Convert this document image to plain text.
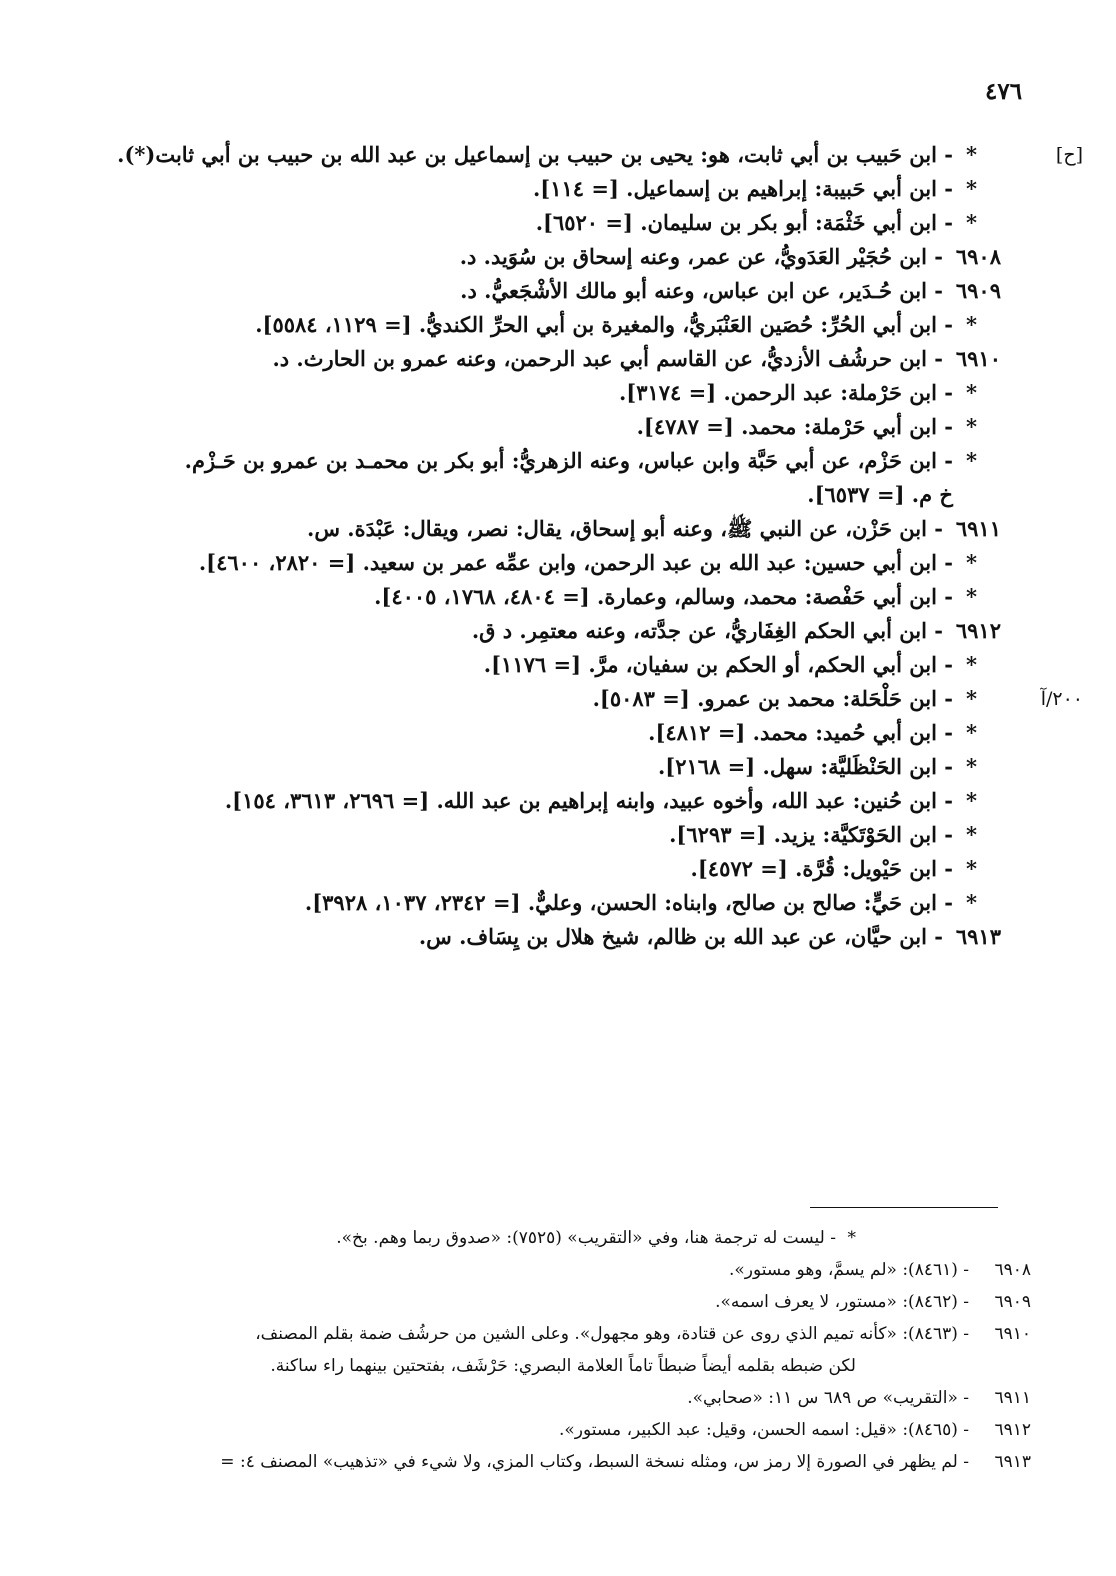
٤٧٦
*- ابن حَبيب بن أبي ثابت، هو: يحيى بن حبيب بن إسماعيل بن عبد الله بن حبيب بن أبي ثابت(*).	[ح]
*- ابن أبي حَبيبة: إبراهيم بن إسماعيل. [= ١١٤].
*- ابن أبي خَثْمَة: أبو بكر بن سليمان. [= ٦٥٢٠].
٦٩٠٨- ابن حُجَيْر العَدَويُّ، عن عمر، وعنه إسحاق بن سُوَيد. د.
٦٩٠٩- ابن حُـدَير، عن ابن عباس، وعنه أبو مالك الأشْجَعيُّ. د.
*- ابن أبي الحُرِّ: حُصَين العَنْبَريُّ، والمغيرة بن أبي الحرِّ الكنديُّ. [= ١١٢٩، ٥٥٨٤].
٦٩١٠- ابن حرشُف الأزديُّ، عن القاسم أبي عبد الرحمن، وعنه عمرو بن الحارث. د.
*- ابن حَرْملة: عبد الرحمن. [= ٣١٧٤].
*- ابن أبي حَرْملة: محمد. [= ٤٧٨٧].
*- ابن حَزْم، عن أبي حَبَّة وابن عباس، وعنه الزهريُّ: أبو بكر بن محمـد بن عمرو بن حَـزْم.
خ م. [= ٦٥٣٧].
٦٩١١- ابن حَزْن، عن النبي ﷺ، وعنه أبو إسحاق، يقال: نصر، ويقال: عَبْدَة. س.
*- ابن أبي حسين: عبد الله بن عبد الرحمن، وابن عمِّه عمر بن سعيد. [= ٢٨٢٠، ٤٦٠٠].
*- ابن أبي حَفْصة: محمد، وسالم، وعمارة. [= ٤٨٠٤، ١٧٦٨، ٤٠٠٥].
٦٩١٢- ابن أبي الحكم الغِفَاريُّ، عن جدَّته، وعنه معتمِر. د ق.
*- ابن أبي الحكم، أو الحكم بن سفيان، مرَّ. [= ١١٧٦].
*- ابن حَلْحَلة: محمد بن عمرو. [= ٥٠٨٣].	٢٠٠/آ
*- ابن أبي حُميد: محمد. [= ٤٨١٢].
*- ابن الحَنْظَليَّة: سهل. [= ٢١٦٨].
*- ابن حُنين: عبد الله، وأخوه عبيد، وابنه إبراهيم بن عبد الله. [= ٢٦٩٦، ٣٦١٣، ١٥٤].
*- ابن الحَوْتَكيَّة: يزيد. [= ٦٢٩٣].
*- ابن حَيْويل: قُرَّة. [= ٤٥٧٢].
*- ابن حَيٍّ: صالح بن صالح، وابناه: الحسن، وعليٌّ. [= ٢٣٤٢، ١٠٣٧، ٣٩٢٨].
٦٩١٣- ابن حيَّان، عن عبد الله بن ظالم، شيخ هلال بن يِسَاف. س.
*- ليست له ترجمة هنا، وفي «التقريب» (٧٥٢٥): «صدوق ربما وهم. بخ».
٦٩٠٨- (٨٤٦١): «لم يسمَّ، وهو مستور».
٦٩٠٩- (٨٤٦٢): «مستور، لا يعرف اسمه».
٦٩١٠- (٨٤٦٣): «كأنه تميم الذي روى عن قتادة، وهو مجهول». وعلى الشين من حرشُف ضمة بقلم المصنف،
لكن ضبطه بقلمه أيضاً ضبطاً تاماً العلامة البصري: حَرْشَف، بفتحتين بينهما راء ساكنة.
٦٩١١- «التقريب» ص ٦٨٩ س ١١: «صحابي».
٦٩١٢- (٨٤٦٥): «قيل: اسمه الحسن، وقيل: عبد الكبير، مستور».
٦٩١٣- لم يظهر في الصورة إلا رمز س، ومثله نسخة السبط، وكتاب المزي، ولا شيء في «تذهيب» المصنف ٤: =
